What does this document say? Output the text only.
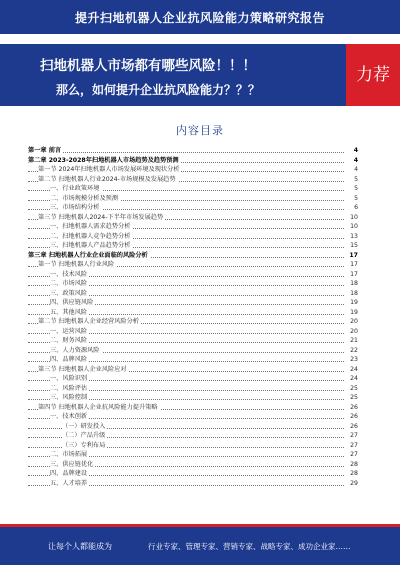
提升扫地机器人企业抗风险能力策略研究报告
扫地机器人市场都有哪些风险！！！
那么，如何提升企业抗风险能力？？？
力荐
内容目录
第一章 前言	4
第二章 2023-2028年扫地机器人市场趋势及趋势预测	4
第一节 2024年扫地机器人市场发展环境及现状分析	4
第二节 扫地机器人行业2024-市场规模及发展趋势	5
一、行业政策环境	5
二、市场规模分析及预测	5
三、市场结构分析	6
第三节 扫地机器人2024-下半年市场发展趋势	10
一、扫地机器人需求趋势分析	10
二、扫地机器人竞争趋势分析	13
三、扫地机器人产品趋势分析	15
第三章 扫地机器人行业企业面临的风险分析	17
第一节 扫地机器人行业风险	17
一、技术风险	17
二、市场风险	18
三、政策风险	18
四、供应链风险	19
五、其他风险	19
第二节 扫地机器人企业经营风险分析	20
一、运营风险	20
二、财务风险	21
三、人力资源风险	22
四、品牌风险	23
第三节 扫地机器人企业风险应对	24
一、风险识别	24
二、风险评估	25
三、风险控制	25
第四节 扫地机器人企业抗风险能力提升策略	26
一、技术创新	26
（一）研发投入	26
（二）产品升级	27
（三）专利布局	27
二、市场拓展	27
三、供应链优化	28
四、品牌建设	28
五、人才培养	29
让每个人都能成为	行业专家、管理专家、营销专家、战略专家、成功企业家……
